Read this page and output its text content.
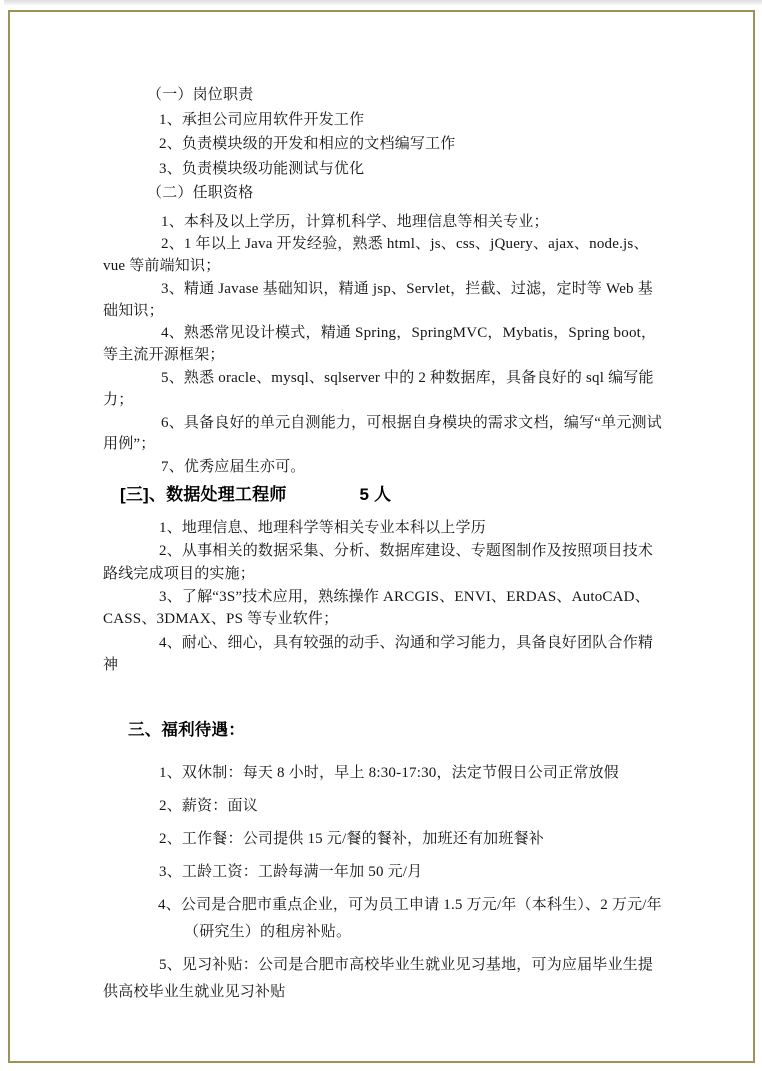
（一）岗位职责

1、承担公司应用软件开发工作

2、负责模块级的开发和相应的文档编写工作

3、负责模块级功能测试与优化

（二）任职资格

1、本科及以上学历，计算机科学、地理信息等相关专业；

2、1 年以上 Java 开发经验，熟悉 html、js、css、jQuery、ajax、node.js、vue 等前端知识；

3、精通 Javase 基础知识，精通 jsp、Servlet，拦截、过滤，定时等 Web 基础知识；

4、熟悉常见设计模式，精通 Spring，SpringMVC，Mybatis，Spring boot，等主流开源框架；

5、熟悉 oracle、mysql、sqlserver 中的 2 种数据库，具备良好的 sql 编写能力；

6、具备良好的单元自测能力，可根据自身模块的需求文档，编写“单元测试用例”；

7、优秀应届生亦可。

[三]、数据处理工程师	5 人

1、地理信息、地理科学等相关专业本科以上学历

2、从事相关的数据采集、分析、数据库建设、专题图制作及按照项目技术路线完成项目的实施；

3、了解“3S”技术应用，熟练操作 ARCGIS、ENVI、ERDAS、AutoCAD、CASS、3DMAX、PS 等专业软件；

4、耐心、细心，具有较强的动手、沟通和学习能力，具备良好团队合作精神

三、福利待遇：

1、双休制：每天 8 小时，早上 8:30-17:30，法定节假日公司正常放假

2、薪资：面议

2、工作餐：公司提供 15 元/餐的餐补，加班还有加班餐补

3、工龄工资：工龄每满一年加 50 元/月

4、公司是合肥市重点企业，可为员工申请 1.5 万元/年（本科生）、2 万元/年（研究生）的租房补贴。

5、见习补贴：公司是合肥市高校毕业生就业见习基地，可为应届毕业生提供高校毕业生就业见习补贴
